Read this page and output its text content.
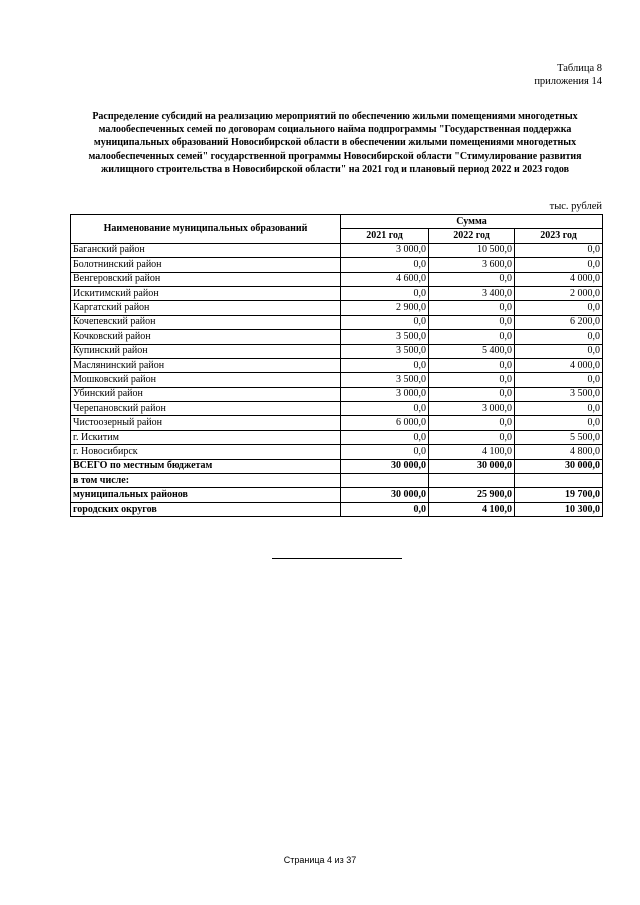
Таблица 8
приложения 14
Распределение субсидий на реализацию мероприятий по обеспечению жильми помещениями многодетных малообеспеченных семей по договорам социального найма подпрограммы "Государственная поддержка муниципальных образований Новосибирской области в обеспечении жилыми помещениями многодетных малообеспеченных семей" государственной программы Новосибирской области "Стимулирование развития жилищного строительства в Новосибирской области" на 2021 год и плановый период 2022 и 2023 годов
тыс. рублей
Наименование муниципальных образований	Сумма		
	2021 год	2022 год	2023 год
Баганский район	3 000,0	10 500,0	0,0
Болотнинский район	0,0	3 600,0	0,0
Венгеровский район	4 600,0	0,0	4 000,0
Искитимский район	0,0	3 400,0	2 000,0
Каргатский район	2 900,0	0,0	0,0
Кочепевский район	0,0	0,0	6 200,0
Кочковский район	3 500,0	0,0	0,0
Купинский район	3 500,0	5 400,0	0,0
Маслянинский район	0,0	0,0	4 000,0
Мошковский район	3 500,0	0,0	0,0
Убинский район	3 000,0	0,0	3 500,0
Черепановский район	0,0	3 000,0	0,0
Чистоозерный район	6 000,0	0,0	0,0
г. Искитим	0,0	0,0	5 500,0
г. Новосибирск	0,0	4 100,0	4 800,0
ВСЕГО по местным бюджетам	30 000,0	30 000,0	30 000,0
в том числе:			
муниципальных районов	30 000,0	25 900,0	19 700,0
городских округов	0,0	4 100,0	10 300,0
Страница 4 из 37
